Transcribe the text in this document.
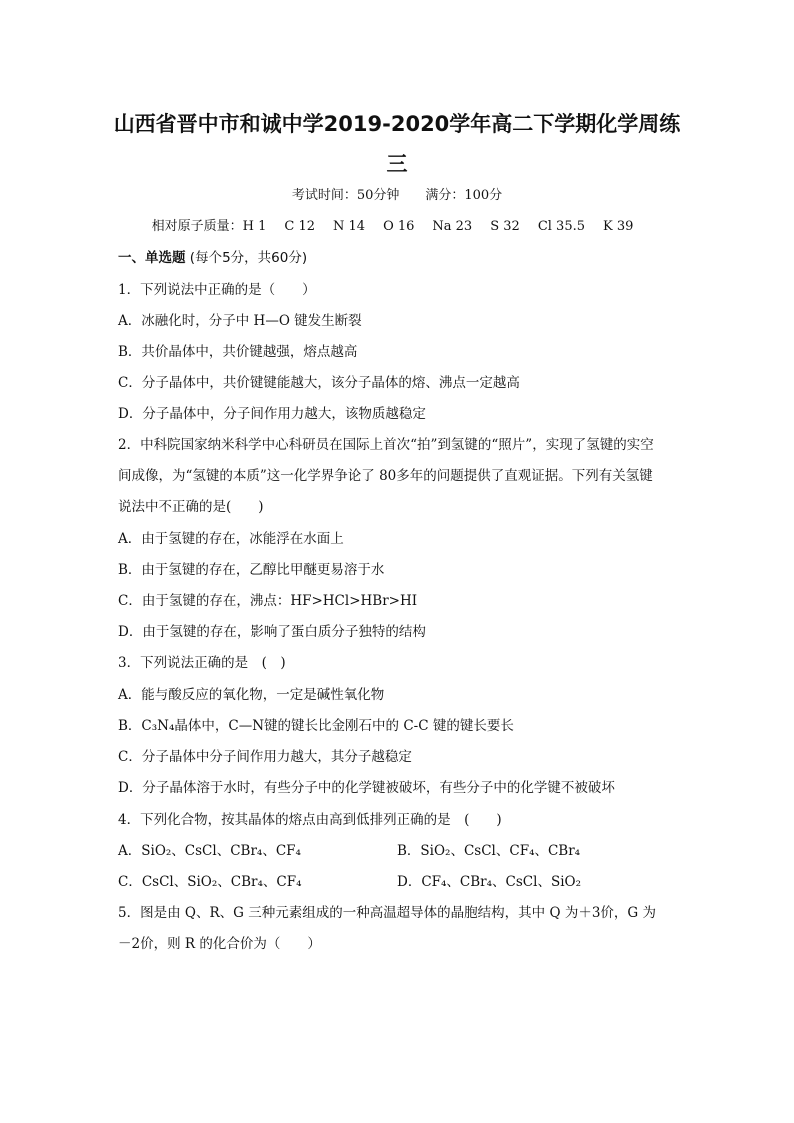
山西省晋中市和诚中学2019-2020学年高二下学期化学周练
三
考试时间：50分钟　　满分：100分
相对原子质量：H 1 C 12 N 14 O 16 Na 23 S 32 Cl 35.5 K 39
一、单选题 (每个5分，共60分)
1．下列说法中正确的是（　　）
A．冰融化时，分子中 H—O 键发生断裂
B．共价晶体中，共价键越强，熔点越高
C．分子晶体中，共价键键能越大，该分子晶体的熔、沸点一定越高
D．分子晶体中，分子间作用力越大，该物质越稳定
2．中科院国家纳米科学中心科研员在国际上首次“拍”到氢键的“照片”，实现了氢键的实空
间成像，为“氢键的本质”这一化学界争论了 80多年的问题提供了直观证据。下列有关氢键
说法中不正确的是(　　)
A．由于氢键的存在，冰能浮在水面上
B．由于氢键的存在，乙醇比甲醚更易溶于水
C．由于氢键的存在，沸点：HF>HCl>HBr>HI
D．由于氢键的存在，影响了蛋白质分子独特的结构
3．下列说法正确的是　(　)
A．能与酸反应的氧化物，一定是碱性氧化物
B．C₃N₄晶体中，C—N键的键长比金刚石中的 C-C 键的键长要长
C．分子晶体中分子间作用力越大，其分子越稳定
D．分子晶体溶于水时，有些分子中的化学键被破坏，有些分子中的化学键不被破坏
4．下列化合物，按其晶体的熔点由高到低排列正确的是　(　　)
A．SiO₂、CsCl、CBr₄、CF₄	B．SiO₂、CsCl、CF₄、CBr₄
C．CsCl、SiO₂、CBr₄、CF₄	D．CF₄、CBr₄、CsCl、SiO₂
5．图是由 Q、R、G 三种元素组成的一种高温超导体的晶胞结构，其中 Q 为＋3价，G 为
－2价，则 R 的化合价为（　　）
